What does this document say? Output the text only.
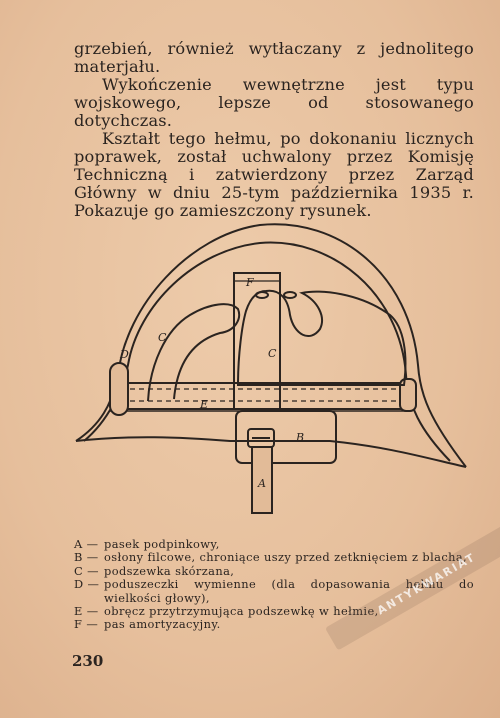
grzebień, również wytłaczany z jednolitego materjału.

Wykończenie wewnętrzne jest typu wojskowego, lepsze od stosowanego dotychczas.

Kształt tego hełmu, po dokonaniu licznych poprawek, został uchwalony przez Komisję Techniczną i zatwierdzony przez Zarząd Główny w dniu 25-tym października 1935 r. Pokazuje go zamieszczony rysunek.

A
B
C
C
D
E
F
A — pasek podpinkowy,
B — osłony filcowe, chroniące uszy przed zetknięciem z blachą,
C — podszewka skórzana,
D — poduszeczki wymienne (dla dopasowania hełmu do wielkości głowy),
E — obręcz przytrzymująca podszewkę w hełmie,
F — pas amortyzacyjny.
230
ANTYKWARIAT
